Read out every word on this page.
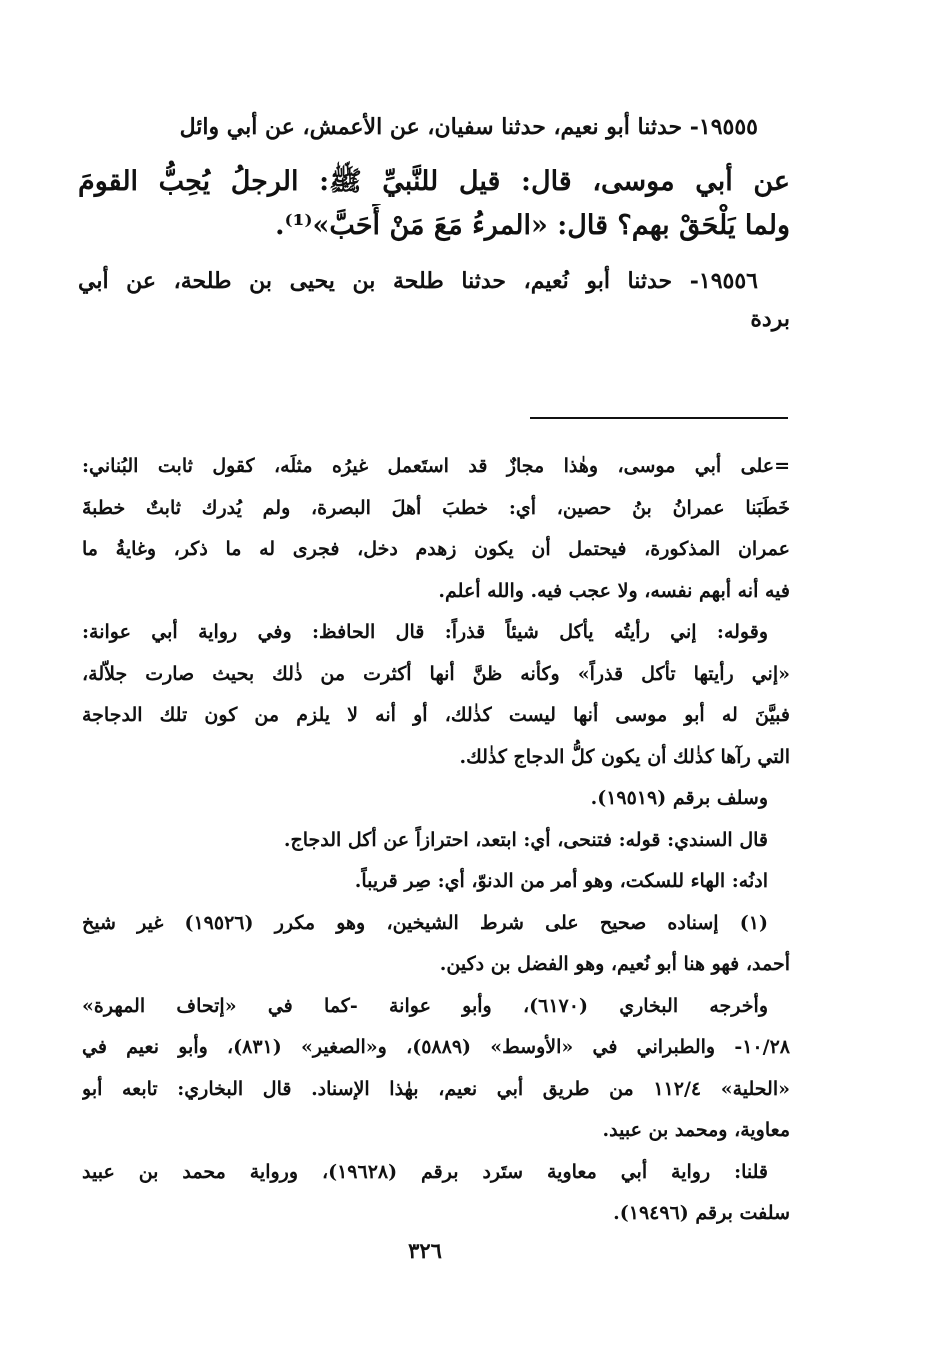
١٩٥٥٥- حدثنا أبو نعيم، حدثنا سفيان، عن الأعمش، عن أبي وائل
عن أبي موسى، قال: قيل للنَّبيِّ ﷺ: الرجلُ يُحِبُّ القومَ
ولما يَلْحَقْ بهم؟ قال: «المرءُ مَعَ مَنْ أَحَبَّ»⁽¹⁾.
١٩٥٥٦- حدثنا أبو نُعيم، حدثنا طلحة بن يحيى بن طلحة، عن أبي
بردة
=على أبي موسى، وهٰذا مجازٌ قد استَعمل غيرُه مثلَه، كقول ثابت البُناني:
خَطَبَنا عمرانُ بنُ حصين، أي: خطبَ أهلَ البصرة، ولم يُدرك ثابتٌ خطبةَ
عمران المذكورة، فيحتمل أن يكون زهدم دخل، فجرى له ما ذكر، وغايةُ ما
فيه أنه أبهم نفسه، ولا عجب فيه. والله أعلم.
وقوله: إني رأيتُه يأكل شيئاً قذراً: قال الحافظ: وفي رواية أبي عوانة:
«إني رأيتها تأكل قذراً» وكأنه ظنَّ أنها أكثرت من ذٰلك بحيث صارت جلاّلة،
فبيَّنَ له أبو موسى أنها ليست كذٰلك، أو أنه لا يلزم من كون تلك الدجاجة
التي رآها كذٰلك أن يكون كلُّ الدجاج كذٰلك.
وسلف برقم (١٩٥١٩).
قال السندي: قوله: فتنحى، أي: ابتعد، احترازاً عن أكل الدجاج.
ادنُه: الهاء للسكت، وهو أمر من الدنوّ، أي: صِر قريباً.
(١) إسناده صحيح على شرط الشيخين، وهو مكرر (١٩٥٢٦) غير شيخ
أحمد، فهو هنا أبو نُعيم، وهو الفضل بن دكين.
وأخرجه البخاري (٦١٧٠)، وأبو عوانة -كما في «إتحاف المهرة»
١٠/٢٨- والطبراني في «الأوسط» (٥٨٨٩)، و«الصغير» (٨٣١)، وأبو نعيم في
«الحلية» ١١٢/٤ من طريق أبي نعيم، بهٰذا الإسناد. قال البخاري: تابعه أبو
معاوية، ومحمد بن عبيد.
قلنا: رواية أبي معاوية ستَرد برقم (١٩٦٢٨)، ورواية محمد بن عبيد
سلفت برقم (١٩٤٩٦).
٣٢٦
